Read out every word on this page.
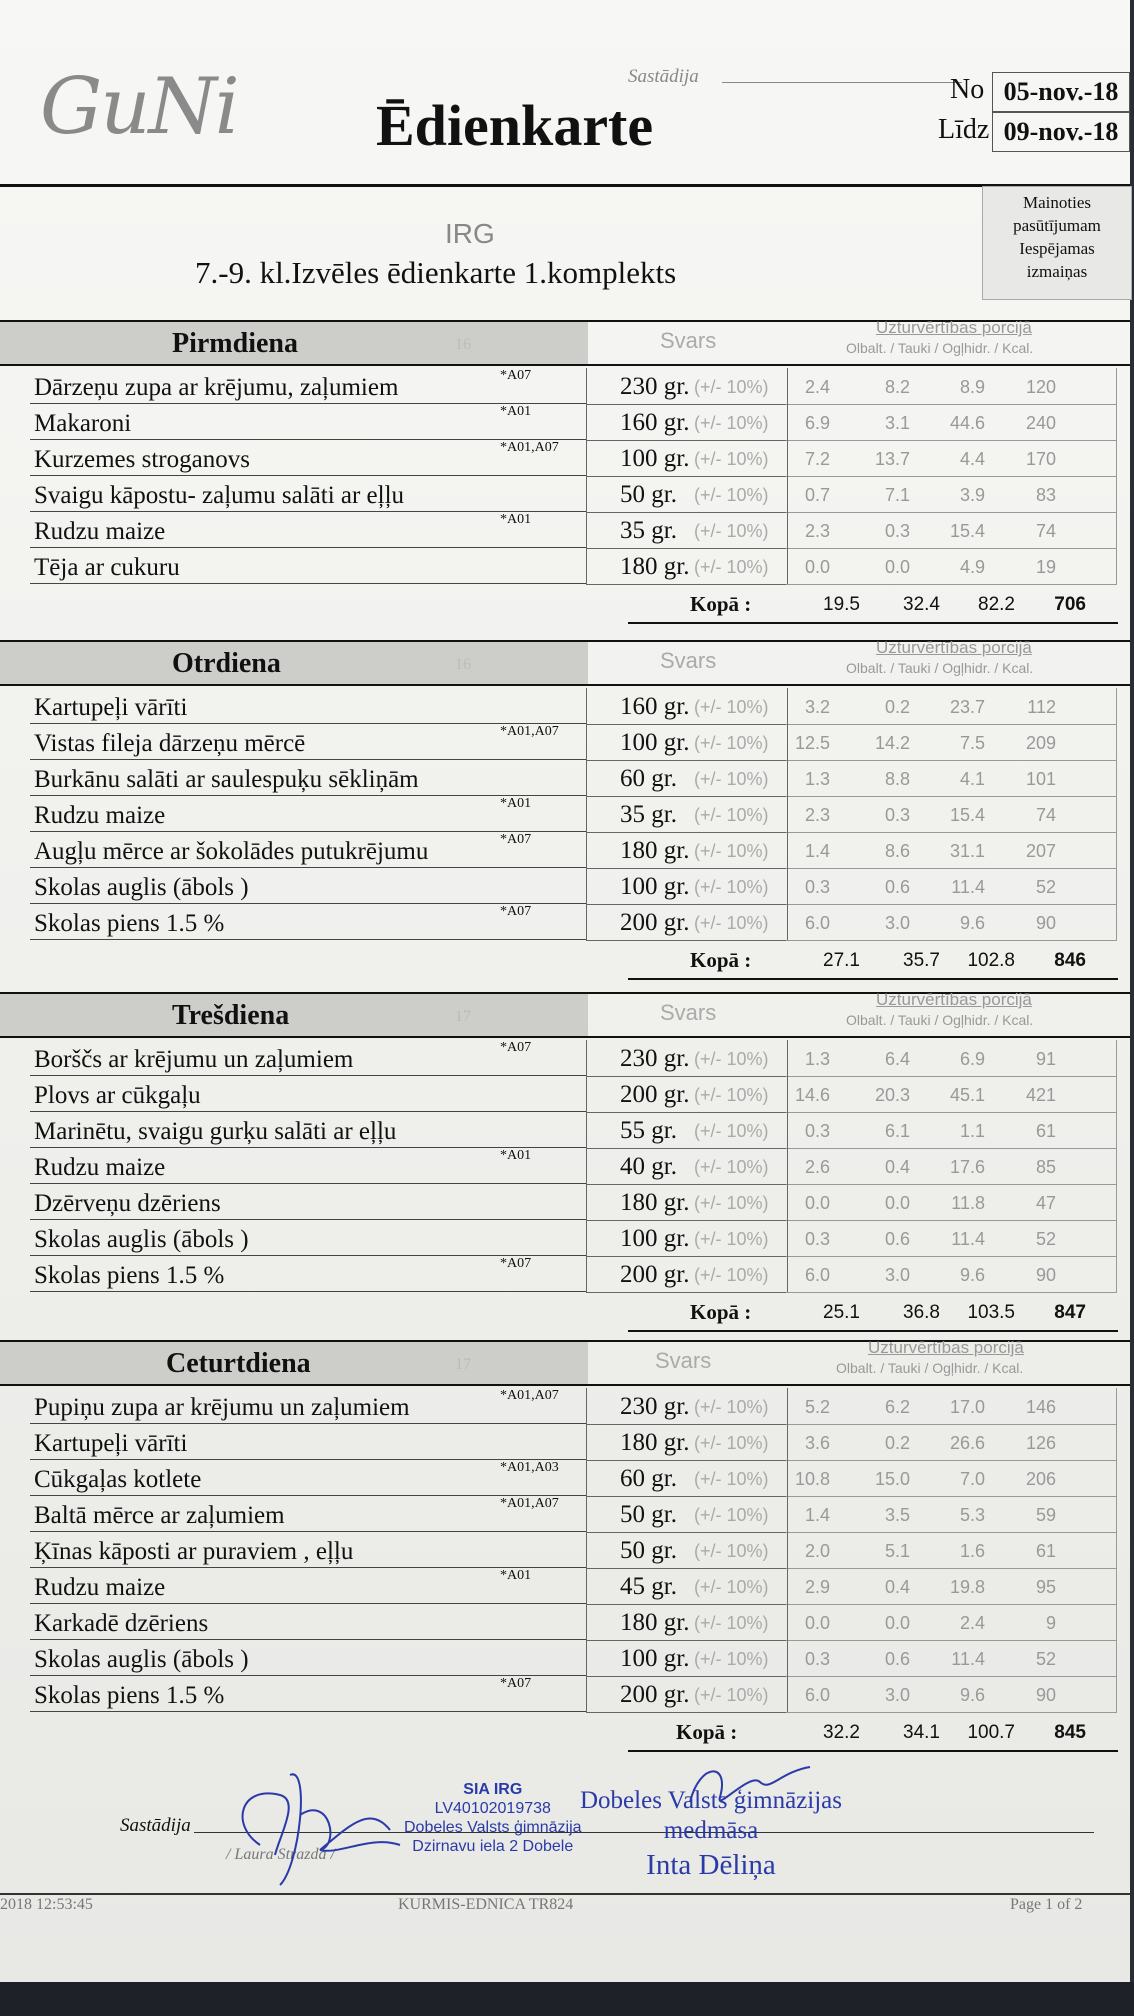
GuNi	Sastādija
Ēdienkarte
No 05-nov.-18
Līdz 09-nov.-18
Mainoties
pasūtījumam
Iespējamas
izmaiņas
IRG
7.-9. kl.Izvēles ēdienkarte 1.komplekts
Pirmdiena	16	Svars
Uzturvērtības porcijā
Olbalt. / Tauki / Ogļhidr. / Kcal.
Dārzeņu zupa ar krējumu, zaļumiem	*A07	230 gr. (+/- 10%)	2.4	8.2	8.9	120
Makaroni	*A01	160 gr. (+/- 10%)	6.9	3.1	44.6	240
Kurzemes stroganovs	*A01,A07 100 gr. (+/- 10%)	7.2	13.7	4.4	170
Svaigu kāpostu- zaļumu salāti ar eļļu	50 gr. (+/- 10%)	0.7	7.1	3.9	83
Rudzu maize	*A01	35 gr. (+/- 10%)	2.3	0.3	15.4	74
Tēja ar cukuru	180 gr. (+/- 10%)	0.0	0.0	4.9	19
Kopā :	19.5	32.4	82.2	706
Otrdiena	16	Svars
Uzturvērtības porcijā
Olbalt. / Tauki / Ogļhidr. / Kcal.
Kartupeļi vārīti	160 gr. (+/- 10%)	3.2	0.2	23.7	112
Vistas fileja dārzeņu mērcē	*A01,A07 100 gr. (+/- 10%)	12.5	14.2	7.5	209
Burkānu salāti ar saulespuķu sēkliņām	60 gr. (+/- 10%)	1.3	8.8	4.1	101
Rudzu maize	*A01	35 gr. (+/- 10%)	2.3	0.3	15.4	74
Augļu mērce ar šokolādes putukrējumu	*A07	180 gr. (+/- 10%)	1.4	8.6	31.1	207
Skolas auglis (ābols )	100 gr. (+/- 10%)	0.3	0.6	11.4	52
Skolas piens 1.5 %	*A07	200 gr. (+/- 10%)	6.0	3.0	9.6	90
Kopā :	27.1	35.7	102.8	846
Trešdiena	17	Svars
Uzturvērtības porcijā
Olbalt. / Tauki / Ogļhidr. / Kcal.
Borščs ar krējumu un zaļumiem	*A07	230 gr. (+/- 10%)	1.3	6.4	6.9	91
Plovs ar cūkgaļu	200 gr. (+/- 10%)	14.6	20.3	45.1	421
Marinētu, svaigu gurķu salāti ar eļļu	55 gr. (+/- 10%)	0.3	6.1	1.1	61
Rudzu maize	*A01	40 gr. (+/- 10%)	2.6	0.4	17.6	85
Dzērveņu dzēriens	180 gr. (+/- 10%)	0.0	0.0	11.8	47
Skolas auglis (ābols )	100 gr. (+/- 10%)	0.3	0.6	11.4	52
Skolas piens 1.5 %	*A07	200 gr. (+/- 10%)	6.0	3.0	9.6	90
Kopā :	25.1	36.8	103.5	847
Ceturtdiena	17	Svars
Uzturvērtības porcijā
Olbalt. / Tauki / Ogļhidr. / Kcal.
Pupiņu zupa ar krējumu un zaļumiem	*A01,A07 230 gr. (+/- 10%)	5.2	6.2	17.0	146
Kartupeļi vārīti	180 gr. (+/- 10%)	3.6	0.2	26.6	126
Cūkgaļas kotlete	*A01,A03 60 gr. (+/- 10%)	10.8	15.0	7.0	206
Baltā mērce ar zaļumiem	*A01,A07 50 gr. (+/- 10%)	1.4	3.5	5.3	59
Ķīnas kāposti ar puraviem , eļļu	50 gr. (+/- 10%)	2.0	5.1	1.6	61
Rudzu maize	*A01	45 gr. (+/- 10%)	2.9	0.4	19.8	95
Karkadē dzēriens	180 gr. (+/- 10%)	0.0	0.0	2.4	9
Skolas auglis (ābols )	100 gr. (+/- 10%)	0.3	0.6	11.4	52
Skolas piens 1.5 %	*A07	200 gr. (+/- 10%)	6.0	3.0	9.6	90
Kopā :	32.2	34.1	100.7	845
Sastādija
/ Laura Strazda /
SIA IRG
LV40102019738
Dobeles Valsts ģimnāzija
Dzirnavu iela 2 Dobele
Dobeles Valsts ģimnāzijas
medmāsa
Inta Dēliņa
2018 12:53:45	KURMIS-EDNICA TR824	Page 1 of 2
